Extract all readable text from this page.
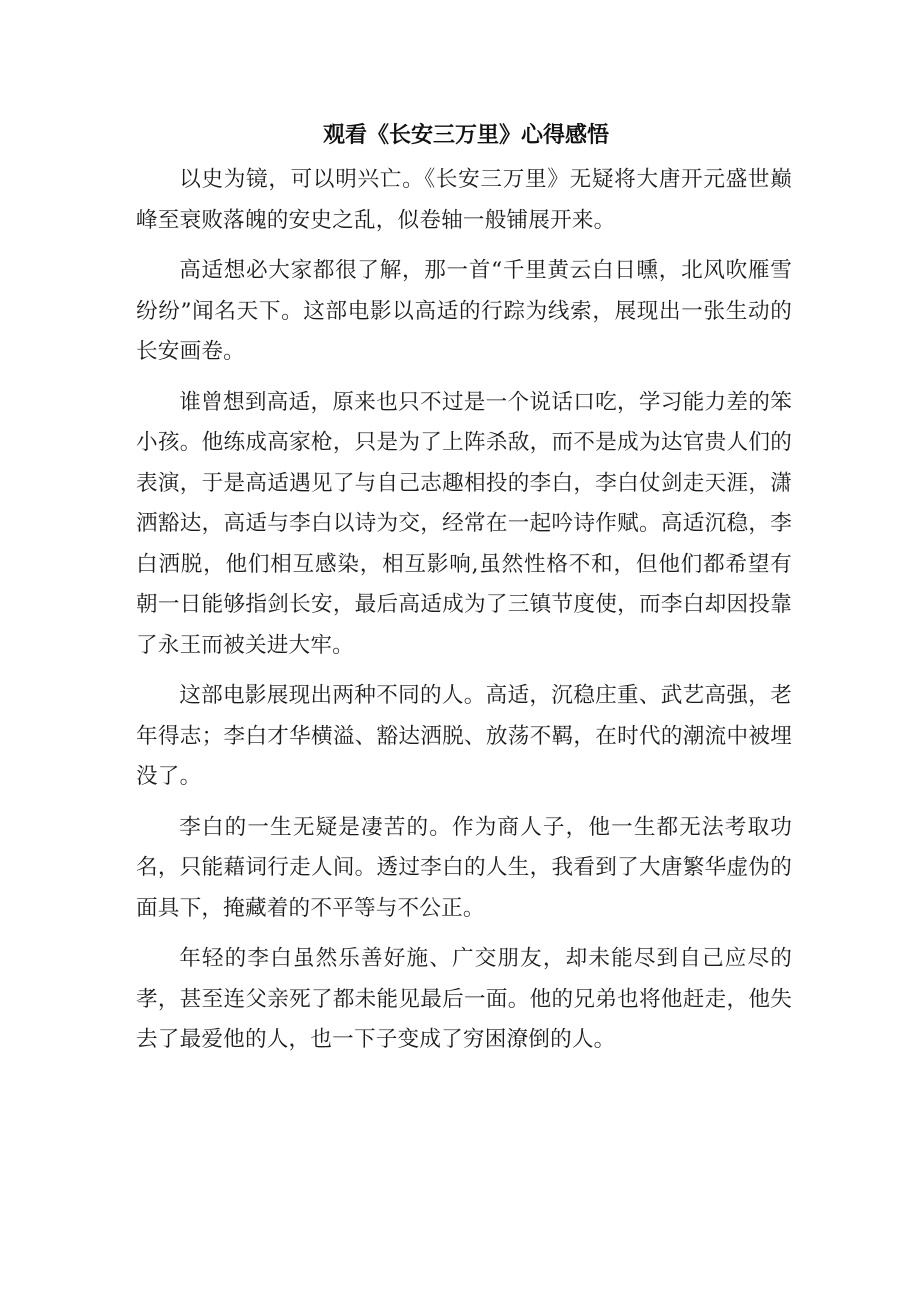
观看《长安三万里》心得感悟

以史为镜，可以明兴亡。《长安三万里》无疑将大唐开元盛世巅峰至衰败落魄的安史之乱，似卷轴一般铺展开来。

高适想必大家都很了解，那一首“千里黄云白日曛，北风吹雁雪纷纷”闻名天下。这部电影以高适的行踪为线索，展现出一张生动的长安画卷。

谁曾想到高适，原来也只不过是一个说话口吃，学习能力差的笨小孩。他练成高家枪，只是为了上阵杀敌，而不是成为达官贵人们的表演，于是高适遇见了与自己志趣相投的李白，李白仗剑走天涯，潇洒豁达，高适与李白以诗为交，经常在一起吟诗作赋。高适沉稳，李白洒脱，他们相互感染，相互影响,虽然性格不和，但他们都希望有朝一日能够指剑长安，最后高适成为了三镇节度使，而李白却因投靠了永王而被关进大牢。

这部电影展现出两种不同的人。高适，沉稳庄重、武艺高强，老年得志；李白才华横溢、豁达洒脱、放荡不羁，在时代的潮流中被埋没了。

李白的一生无疑是凄苦的。作为商人子，他一生都无法考取功名，只能藉词行走人间。透过李白的人生，我看到了大唐繁华虚伪的面具下，掩藏着的不平等与不公正。

年轻的李白虽然乐善好施、广交朋友，却未能尽到自己应尽的孝，甚至连父亲死了都未能见最后一面。他的兄弟也将他赶走，他失去了最爱他的人，也一下子变成了穷困潦倒的人。
